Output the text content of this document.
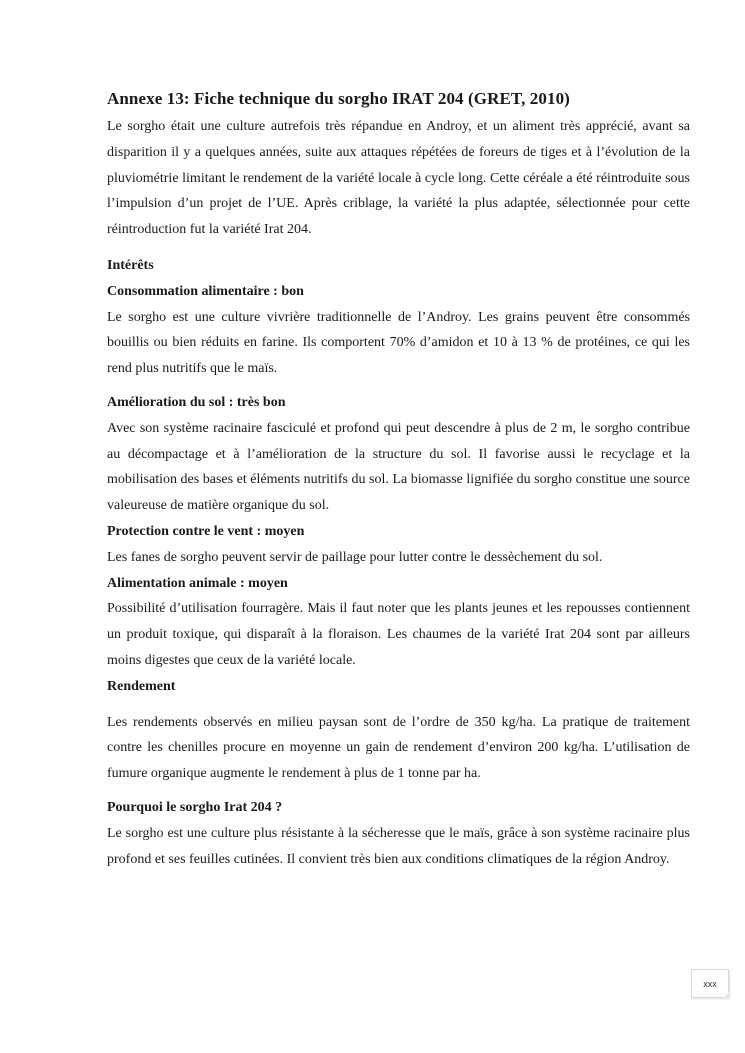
Annexe 13: Fiche technique du sorgho IRAT 204 (GRET, 2010)

Le sorgho était une culture autrefois très répandue en Androy, et un aliment très apprécié, avant sa disparition il y a quelques années, suite aux attaques répétées de foreurs de tiges et à l’évolution de la pluviométrie limitant le rendement de la variété locale à cycle long. Cette céréale a été réintroduite sous l’impulsion d’un projet de l’UE. Après criblage, la variété la plus adaptée, sélectionnée pour cette réintroduction fut la variété Irat 204.

Intérêts
Consommation alimentaire : bon

Le sorgho est une culture vivrière traditionnelle de l’Androy. Les grains peuvent être consommés bouillis ou bien réduits en farine. Ils comportent 70% d’amidon et 10 à 13 % de protéines, ce qui les rend plus nutritifs que le maïs.

Amélioration du sol : très bon

Avec son système racinaire fasciculé et profond qui peut descendre à plus de 2 m, le sorgho contribue au décompactage et à l’amélioration de la structure du sol. Il favorise aussi le recyclage et la mobilisation des bases et éléments nutritifs du sol. La biomasse lignifiée du sorgho constitue une source valeureuse de matière organique du sol.

Protection contre le vent : moyen

Les fanes de sorgho peuvent servir de paillage pour lutter contre le dessèchement du sol.

Alimentation animale : moyen

Possibilité d’utilisation fourragère. Mais il faut noter que les plants jeunes et les repousses contiennent un produit toxique, qui disparaît à la floraison. Les chaumes de la variété Irat 204 sont par ailleurs moins digestes que ceux de la variété locale.

Rendement

Les rendements observés en milieu paysan sont de l’ordre de 350 kg/ha. La pratique de traitement contre les chenilles procure en moyenne un gain de rendement d’environ 200 kg/ha. L’utilisation de fumure organique augmente le rendement à plus de 1 tonne par ha.

Pourquoi le sorgho Irat 204 ?

Le sorgho est une culture plus résistante à la sécheresse que le maïs, grâce à son système racinaire plus profond et ses feuilles cutinées. Il convient très bien aux conditions climatiques de la région Androy.

xxx
